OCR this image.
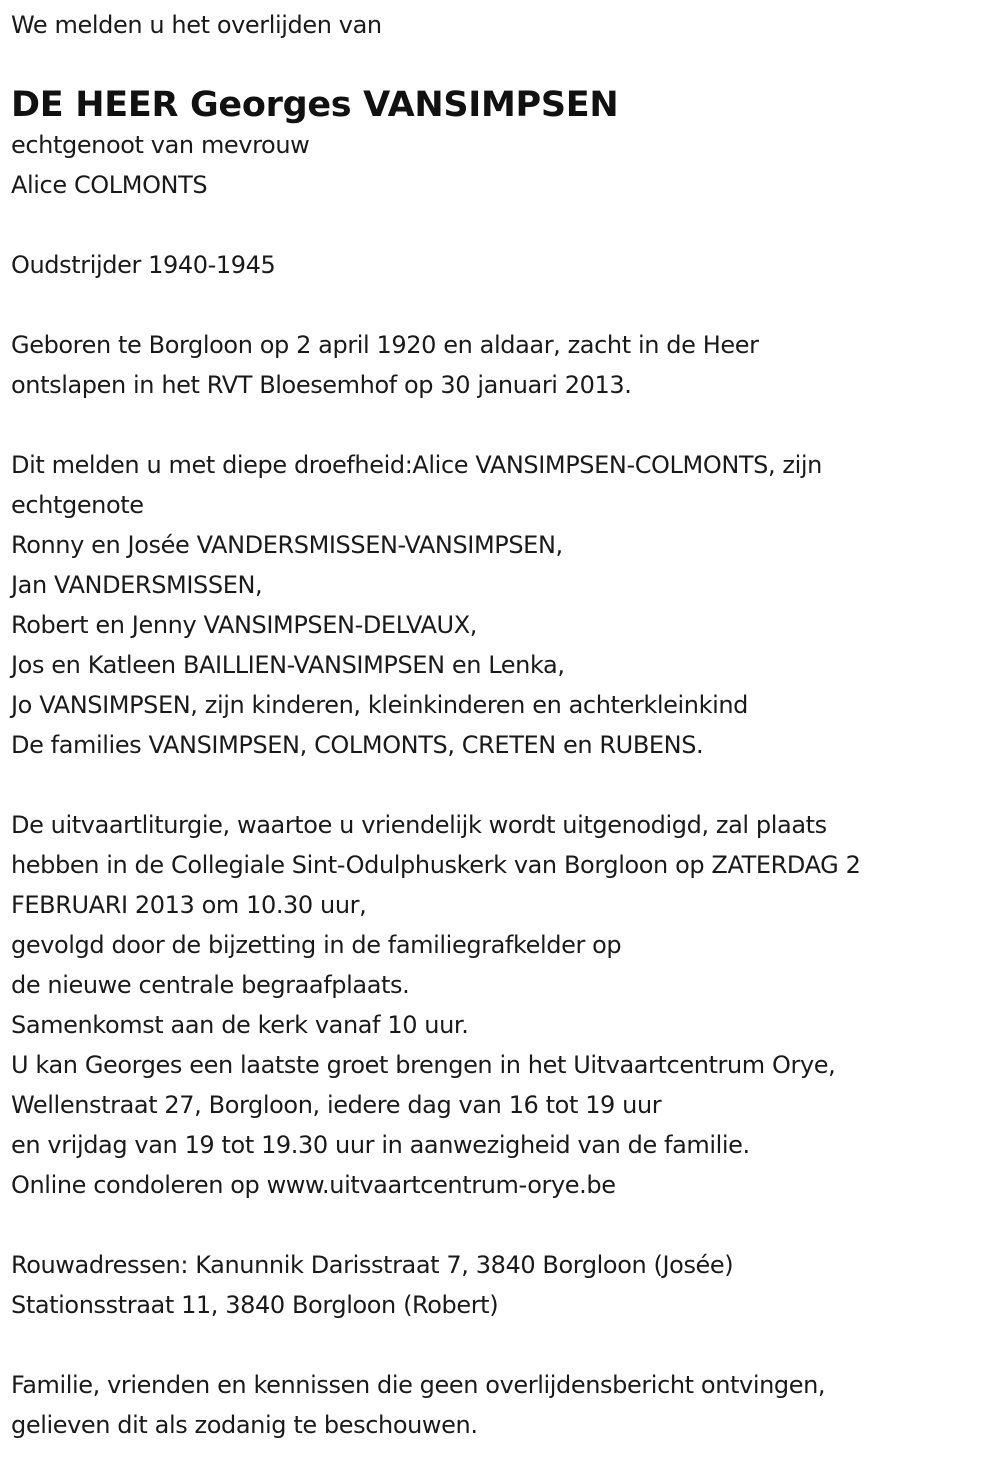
We melden u het overlijden van
DE HEER Georges VANSIMPSEN
echtgenoot van mevrouw
Alice COLMONTS
Oudstrijder 1940-1945
Geboren te Borgloon op 2 april 1920 en aldaar, zacht in de Heer
ontslapen in het RVT Bloesemhof op 30 januari 2013.
Dit melden u met diepe droefheid:Alice VANSIMPSEN-COLMONTS, zijn
echtgenote
Ronny en Josée VANDERSMISSEN-VANSIMPSEN,
Jan VANDERSMISSEN,
Robert en Jenny VANSIMPSEN-DELVAUX,
Jos en Katleen BAILLIEN-VANSIMPSEN en Lenka,
Jo VANSIMPSEN, zijn kinderen, kleinkinderen en achterkleinkind
De families VANSIMPSEN, COLMONTS, CRETEN en RUBENS.
De uitvaartliturgie, waartoe u vriendelijk wordt uitgenodigd, zal plaats
hebben in de Collegiale Sint-Odulphuskerk van Borgloon op ZATERDAG 2
FEBRUARI 2013 om 10.30 uur,
gevolgd door de bijzetting in de familiegrafkelder op
de nieuwe centrale begraafplaats.
Samenkomst aan de kerk vanaf 10 uur.
U kan Georges een laatste groet brengen in het Uitvaartcentrum Orye,
Wellenstraat 27, Borgloon, iedere dag van 16 tot 19 uur
en vrijdag van 19 tot 19.30 uur in aanwezigheid van de familie.
Online condoleren op www.uitvaartcentrum-orye.be
Rouwadressen: Kanunnik Darisstraat 7, 3840 Borgloon (Josée)
Stationsstraat 11, 3840 Borgloon (Robert)
Familie, vrienden en kennissen die geen overlijdensbericht ontvingen,
gelieven dit als zodanig te beschouwen.
